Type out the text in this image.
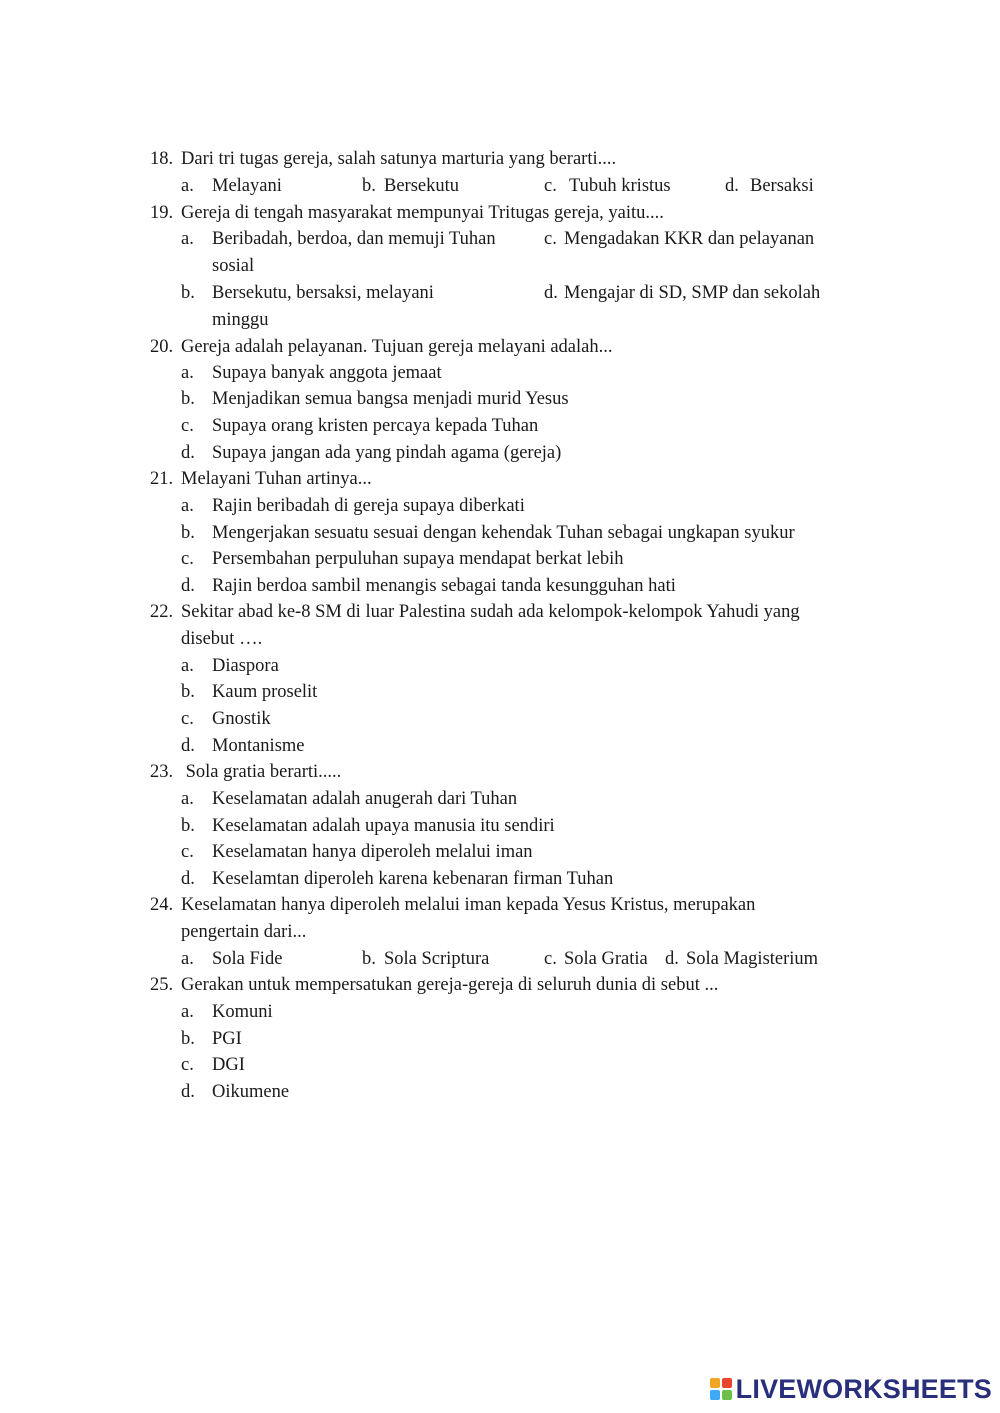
18. Dari tri tugas gereja, salah satunya marturia yang berarti....
a. Melayani	b. Bersekutu	c. Tubuh kristus	d. Bersaksi
19. Gereja di tengah masyarakat mempunyai Tritugas gereja, yaitu....
a. Beribadah, berdoa, dan memuji Tuhan	c. Mengadakan KKR dan pelayanan
sosial
b. Bersekutu, bersaksi, melayani	d. Mengajar di SD, SMP dan sekolah
minggu
20. Gereja adalah pelayanan. Tujuan gereja melayani adalah...
a. Supaya banyak anggota jemaat
b. Menjadikan semua bangsa menjadi murid Yesus
c. Supaya orang kristen percaya kepada Tuhan
d. Supaya jangan ada yang pindah agama (gereja)
21. Melayani Tuhan artinya...
a. Rajin beribadah di gereja supaya diberkati
b. Mengerjakan sesuatu sesuai dengan kehendak Tuhan sebagai ungkapan syukur
c. Persembahan perpuluhan supaya mendapat berkat lebih
d. Rajin berdoa sambil menangis sebagai tanda kesungguhan hati
22. Sekitar abad ke-8 SM di luar Palestina sudah ada kelompok-kelompok Yahudi yang
disebut ….
a. Diaspora
b. Kaum proselit
c. Gnostik
d. Montanisme
23. Sola gratia berarti.....
a. Keselamatan adalah anugerah dari Tuhan
b. Keselamatan adalah upaya manusia itu sendiri
c. Keselamatan hanya diperoleh melalui iman
d. Keselamtan diperoleh karena kebenaran firman Tuhan
24. Keselamatan hanya diperoleh melalui iman kepada Yesus Kristus, merupakan
pengertain dari...
a. Sola Fide	b. Sola Scriptura	c. Sola Gratia d. Sola Magisterium
25. Gerakan untuk mempersatukan gereja-gereja di seluruh dunia di sebut ...
a. Komuni
b. PGI
c. DGI
d. Oikumene
LIVEWORKSHEETS
